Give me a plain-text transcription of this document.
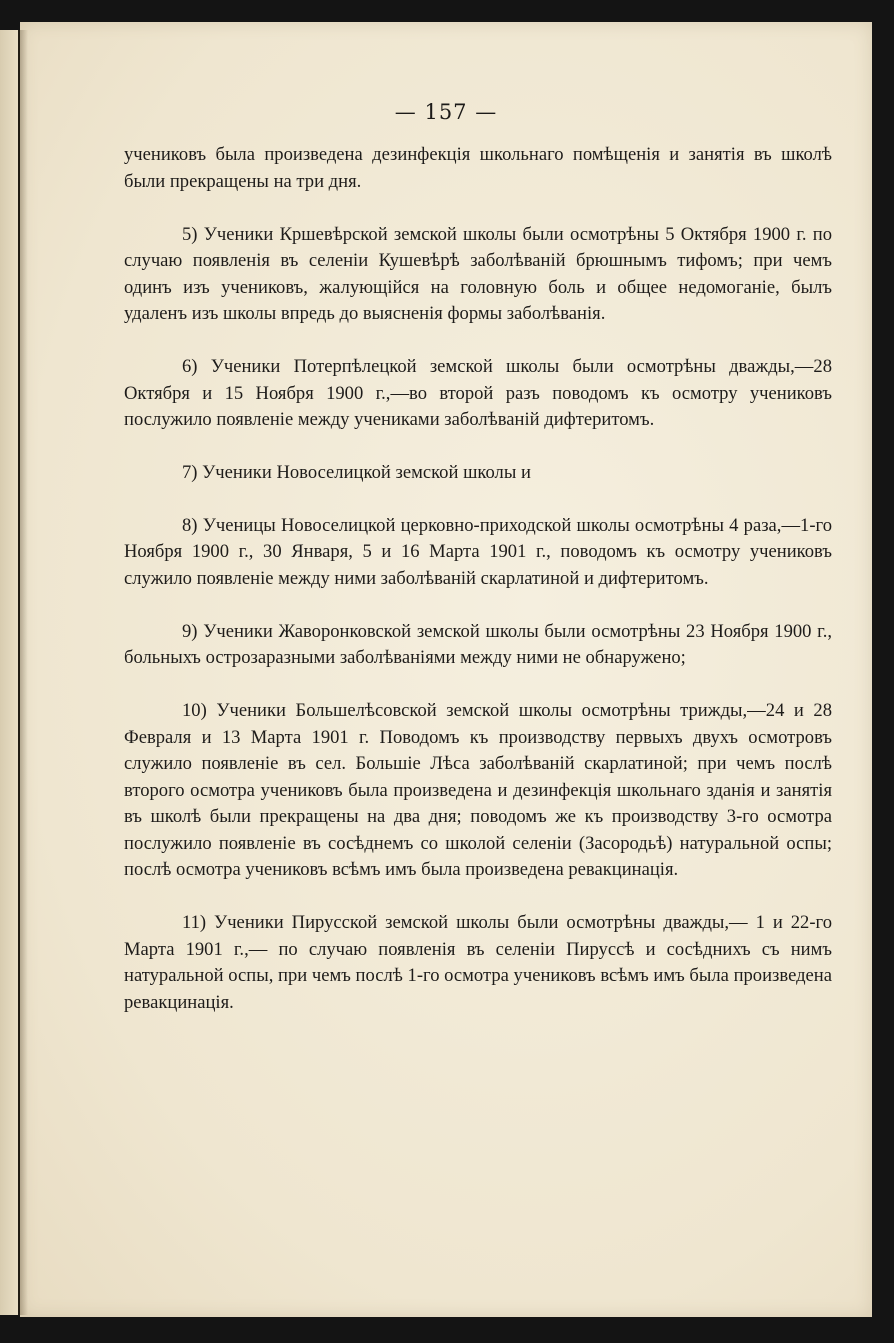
— 157 —

учениковъ была произведена дезинфекція школьнаго помѣщенія и занятія въ школѣ были прекращены на три дня.

5) Ученики Кршевѣрской земской школы были осмотрѣны 5 Октября 1900 г. по случаю появленія въ селеніи Кушевѣрѣ заболѣваній брюшнымъ тифомъ; при чемъ одинъ изъ учениковъ, жалующійся на головную боль и общее недомоганіе, былъ удаленъ изъ школы впредь до выясненія формы заболѣванія.

6) Ученики Потерпѣлецкой земской школы были осмотрѣны дважды,—28 Октября и 15 Ноября 1900 г.,—во второй разъ поводомъ къ осмотру учениковъ послужило появленіе между учениками заболѣваній дифтеритомъ.

7) Ученики Новоселицкой земской школы и

8) Ученицы Новоселицкой церковно-приходской школы осмотрѣны 4 раза,—1-го Ноября 1900 г., 30 Января, 5 и 16 Марта 1901 г., поводомъ къ осмотру учениковъ служило появленіе между ними заболѣваній скарлатиной и дифтеритомъ.

9) Ученики Жаворонковской земской школы были осмотрѣны 23 Ноября 1900 г., больныхъ острозаразными заболѣваніями между ними не обнаружено;

10) Ученики Большелѣсовской земской школы осмотрѣны трижды,—24 и 28 Февраля и 13 Марта 1901 г. Поводомъ къ производству первыхъ двухъ осмотровъ служило появленіе въ сел. Большіе Лѣса заболѣваній скарлатиной; при чемъ послѣ второго осмотра учениковъ была произведена и дезинфекція школьнаго зданія и занятія въ школѣ были прекращены на два дня; поводомъ же къ производству 3-го осмотра послужило появленіе въ сосѣднемъ со школой селеніи (Засородьѣ) натуральной оспы; послѣ осмотра учениковъ всѣмъ имъ была произведена ревакцинація.

11) Ученики Пирусской земской школы были осмотрѣны дважды,— 1 и 22-го Марта 1901 г.,— по случаю появленія въ селеніи Пируссѣ и сосѣднихъ съ нимъ натуральной оспы, при чемъ послѣ 1-го осмотра учениковъ всѣмъ имъ была произведена ревакцинація.
